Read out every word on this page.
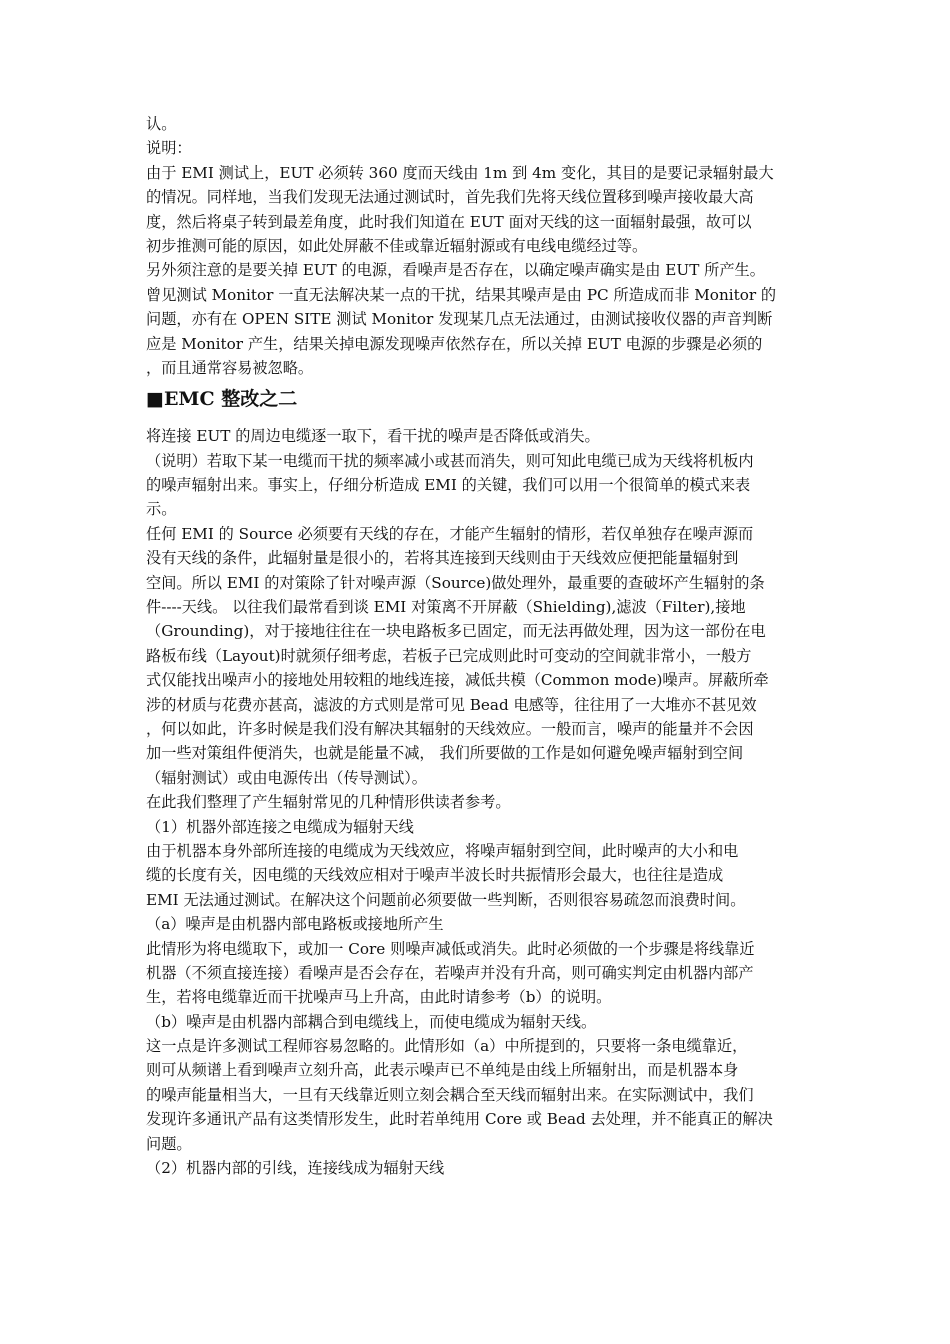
认。
说明：
由于 EMI 测试上，EUT 必须转 360 度而天线由 1m 到 4m 变化，其目的是要记录辐射最大
的情况。同样地，当我们发现无法通过测试时，首先我们先将天线位置移到噪声接收最大高
度，然后将桌子转到最差角度，此时我们知道在 EUT 面对天线的这一面辐射最强，故可以
初步推测可能的原因，如此处屏蔽不佳或靠近辐射源或有电线电缆经过等。
另外须注意的是要关掉 EUT 的电源，看噪声是否存在，以确定噪声确实是由 EUT 所产生。
曾见测试 Monitor 一直无法解决某一点的干扰，结果其噪声是由 PC 所造成而非 Monitor 的
问题，亦有在 OPEN SITE 测试 Monitor 发现某几点无法通过，由测试接收仪器的声音判断
应是 Monitor 产生，结果关掉电源发现噪声依然存在，所以关掉 EUT 电源的步骤是必须的
，而且通常容易被忽略。
■EMC 整改之二
将连接 EUT 的周边电缆逐一取下，看干扰的噪声是否降低或消失。
（说明）若取下某一电缆而干扰的频率减小或甚而消失，则可知此电缆已成为天线将机板内
的噪声辐射出来。事实上，仔细分析造成 EMI 的关键，我们可以用一个很简单的模式来表
示。
任何 EMI 的 Source 必须要有天线的存在，才能产生辐射的情形，若仅单独存在噪声源而
没有天线的条件，此辐射量是很小的，若将其连接到天线则由于天线效应便把能量辐射到
空间。所以 EMI 的对策除了针对噪声源（Source)做处理外，最重要的查破坏产生辐射的条
件----天线。 以往我们最常看到谈 EMI 对策离不开屏蔽（Shielding),滤波（Filter),接地
（Grounding)，对于接地往往在一块电路板多已固定，而无法再做处理，因为这一部份在电
路板布线（Layout)时就须仔细考虑，若板子已完成则此时可变动的空间就非常小，一般方
式仅能找出噪声小的接地处用较粗的地线连接，减低共模（Common mode)噪声。屏蔽所牵
涉的材质与花费亦甚高，滤波的方式则是常可见 Bead 电感等，往往用了一大堆亦不甚见效
，何以如此，许多时候是我们没有解决其辐射的天线效应。一般而言，噪声的能量并不会因
加一些对策组件便消失，也就是能量不减， 我们所要做的工作是如何避免噪声辐射到空间
（辐射测试）或由电源传出（传导测试）。
在此我们整理了产生辐射常见的几种情形供读者参考。
（1）机器外部连接之电缆成为辐射天线
由于机器本身外部所连接的电缆成为天线效应，将噪声辐射到空间，此时噪声的大小和电
缆的长度有关，因电缆的天线效应相对于噪声半波长时共振情形会最大，也往往是造成
EMI 无法通过测试。在解决这个问题前必须要做一些判断，否则很容易疏忽而浪费时间。
（a）噪声是由机器内部电路板或接地所产生
此情形为将电缆取下，或加一 Core 则噪声减低或消失。此时必须做的一个步骤是将线靠近
机器（不须直接连接）看噪声是否会存在，若噪声并没有升高，则可确实判定由机器内部产
生，若将电缆靠近而干扰噪声马上升高，由此时请参考（b）的说明。
（b）噪声是由机器内部耦合到电缆线上，而使电缆成为辐射天线。
这一点是许多测试工程师容易忽略的。此情形如（a）中所提到的，只要将一条电缆靠近，
则可从频谱上看到噪声立刻升高，此表示噪声已不单纯是由线上所辐射出，而是机器本身
的噪声能量相当大，一旦有天线靠近则立刻会耦合至天线而辐射出来。在实际测试中，我们
发现许多通讯产品有这类情形发生，此时若单纯用 Core 或 Bead 去处理，并不能真正的解决
问题。
（2）机器内部的引线，连接线成为辐射天线
